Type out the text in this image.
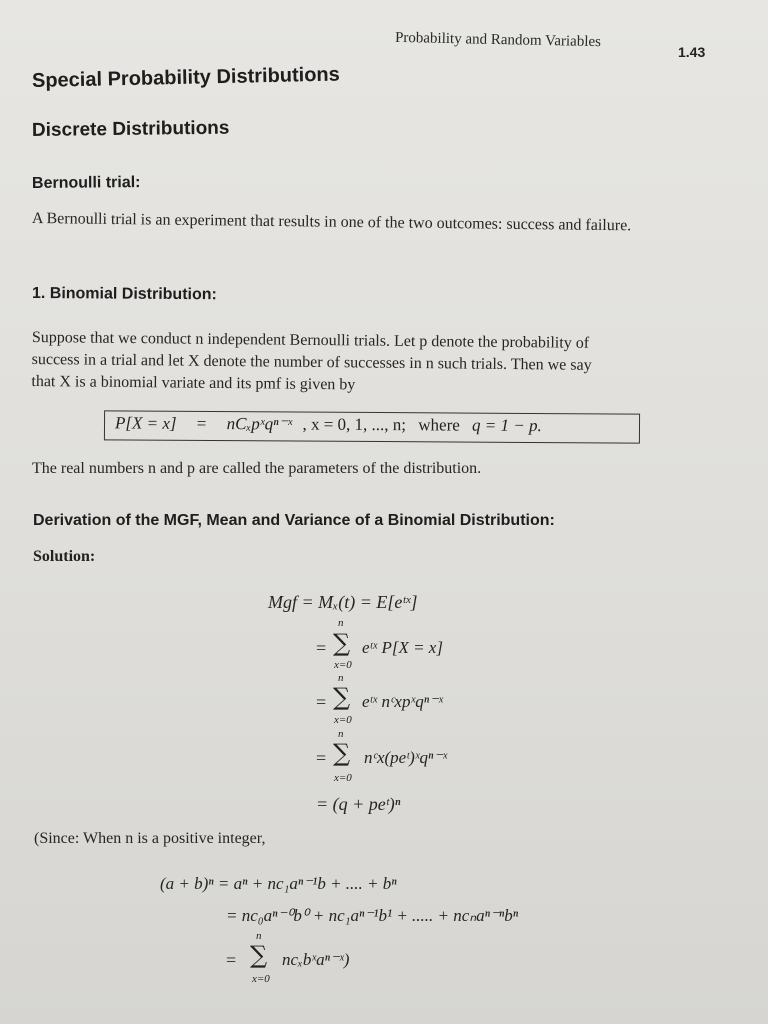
Probability and Random Variables
1.43
Special Probability Distributions
Discrete Distributions
Bernoulli trial:
A Bernoulli trial is an experiment that results in one of the two outcomes: success and failure.
1. Binomial Distribution:
Suppose that we conduct n independent Bernoulli trials. Let p denote the probability of
success in a trial and let X denote the number of successes in n such trials. Then we say
that X is a binomial variate and its pmf is given by
P[X = x] = nCₓpˣqⁿ⁻ˣ , x = 0, 1, ..., n; where q = 1 − p.
The real numbers n and p are called the parameters of the distribution.
Derivation of the MGF, Mean and Variance of a Binomial Distribution:
Solution:
Mgf = Mₓ(t) = E[eᵗˣ]
=
n
∑
x=0
eᵗˣ P[X = x]
=
n
∑
x=0
eᵗˣ nᶜxpˣqⁿ⁻ˣ
=
n
∑
x=0
nᶜx(peᵗ)ˣqⁿ⁻ˣ
= (q + peᵗ)ⁿ
(Since: When n is a positive integer,
(a + b)ⁿ = aⁿ + nc₁aⁿ⁻¹b + .... + bⁿ
= nc₀aⁿ⁻⁰b⁰ + nc₁aⁿ⁻¹b¹ + ..... + ncₙaⁿ⁻ⁿbⁿ
=
n
∑
x=0
ncₓbˣaⁿ⁻ˣ)
